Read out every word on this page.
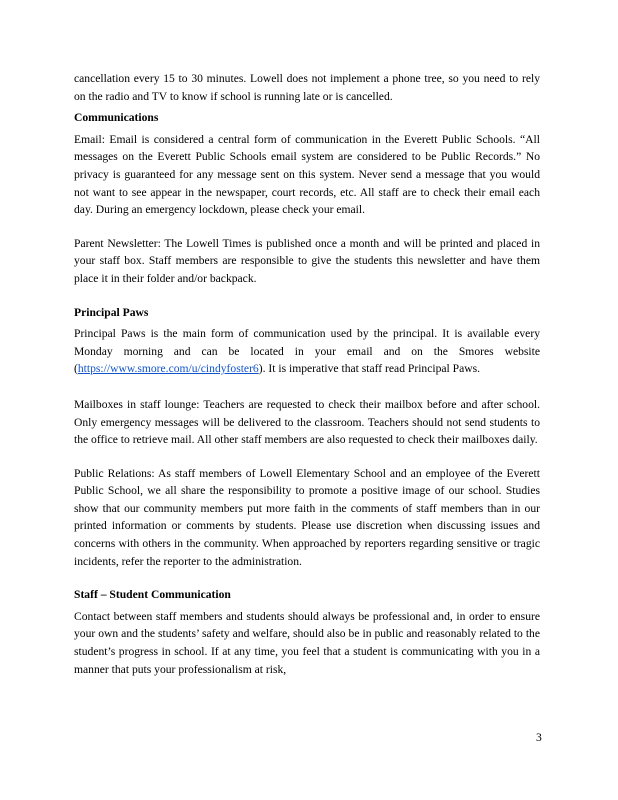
cancellation every 15 to 30 minutes. Lowell does not implement a phone tree, so you need to rely on the radio and TV to know if school is running late or is cancelled.

Communications

Email: Email is considered a central form of communication in the Everett Public Schools. “All messages on the Everett Public Schools email system are considered to be Public Records.” No privacy is guaranteed for any message sent on this system. Never send a message that you would not want to see appear in the newspaper, court records, etc. All staff are to check their email each day. During an emergency lockdown, please check your email.

Parent Newsletter: The Lowell Times is published once a month and will be printed and placed in your staff box. Staff members are responsible to give the students this newsletter and have them place it in their folder and/or backpack.

Principal Paws

Principal Paws is the main form of communication used by the principal. It is available every Monday morning and can be located in your email and on the Smores website (https://www.smore.com/u/cindyfoster6). It is imperative that staff read Principal Paws.

Mailboxes in staff lounge: Teachers are requested to check their mailbox before and after school. Only emergency messages will be delivered to the classroom. Teachers should not send students to the office to retrieve mail. All other staff members are also requested to check their mailboxes daily.

Public Relations: As staff members of Lowell Elementary School and an employee of the Everett Public School, we all share the responsibility to promote a positive image of our school. Studies show that our community members put more faith in the comments of staff members than in our printed information or comments by students. Please use discretion when discussing issues and concerns with others in the community. When approached by reporters regarding sensitive or tragic incidents, refer the reporter to the administration.

Staff – Student Communication

Contact between staff members and students should always be professional and, in order to ensure your own and the students’ safety and welfare, should also be in public and reasonably related to the student’s progress in school. If at any time, you feel that a student is communicating with you in a manner that puts your professionalism at risk,

3
